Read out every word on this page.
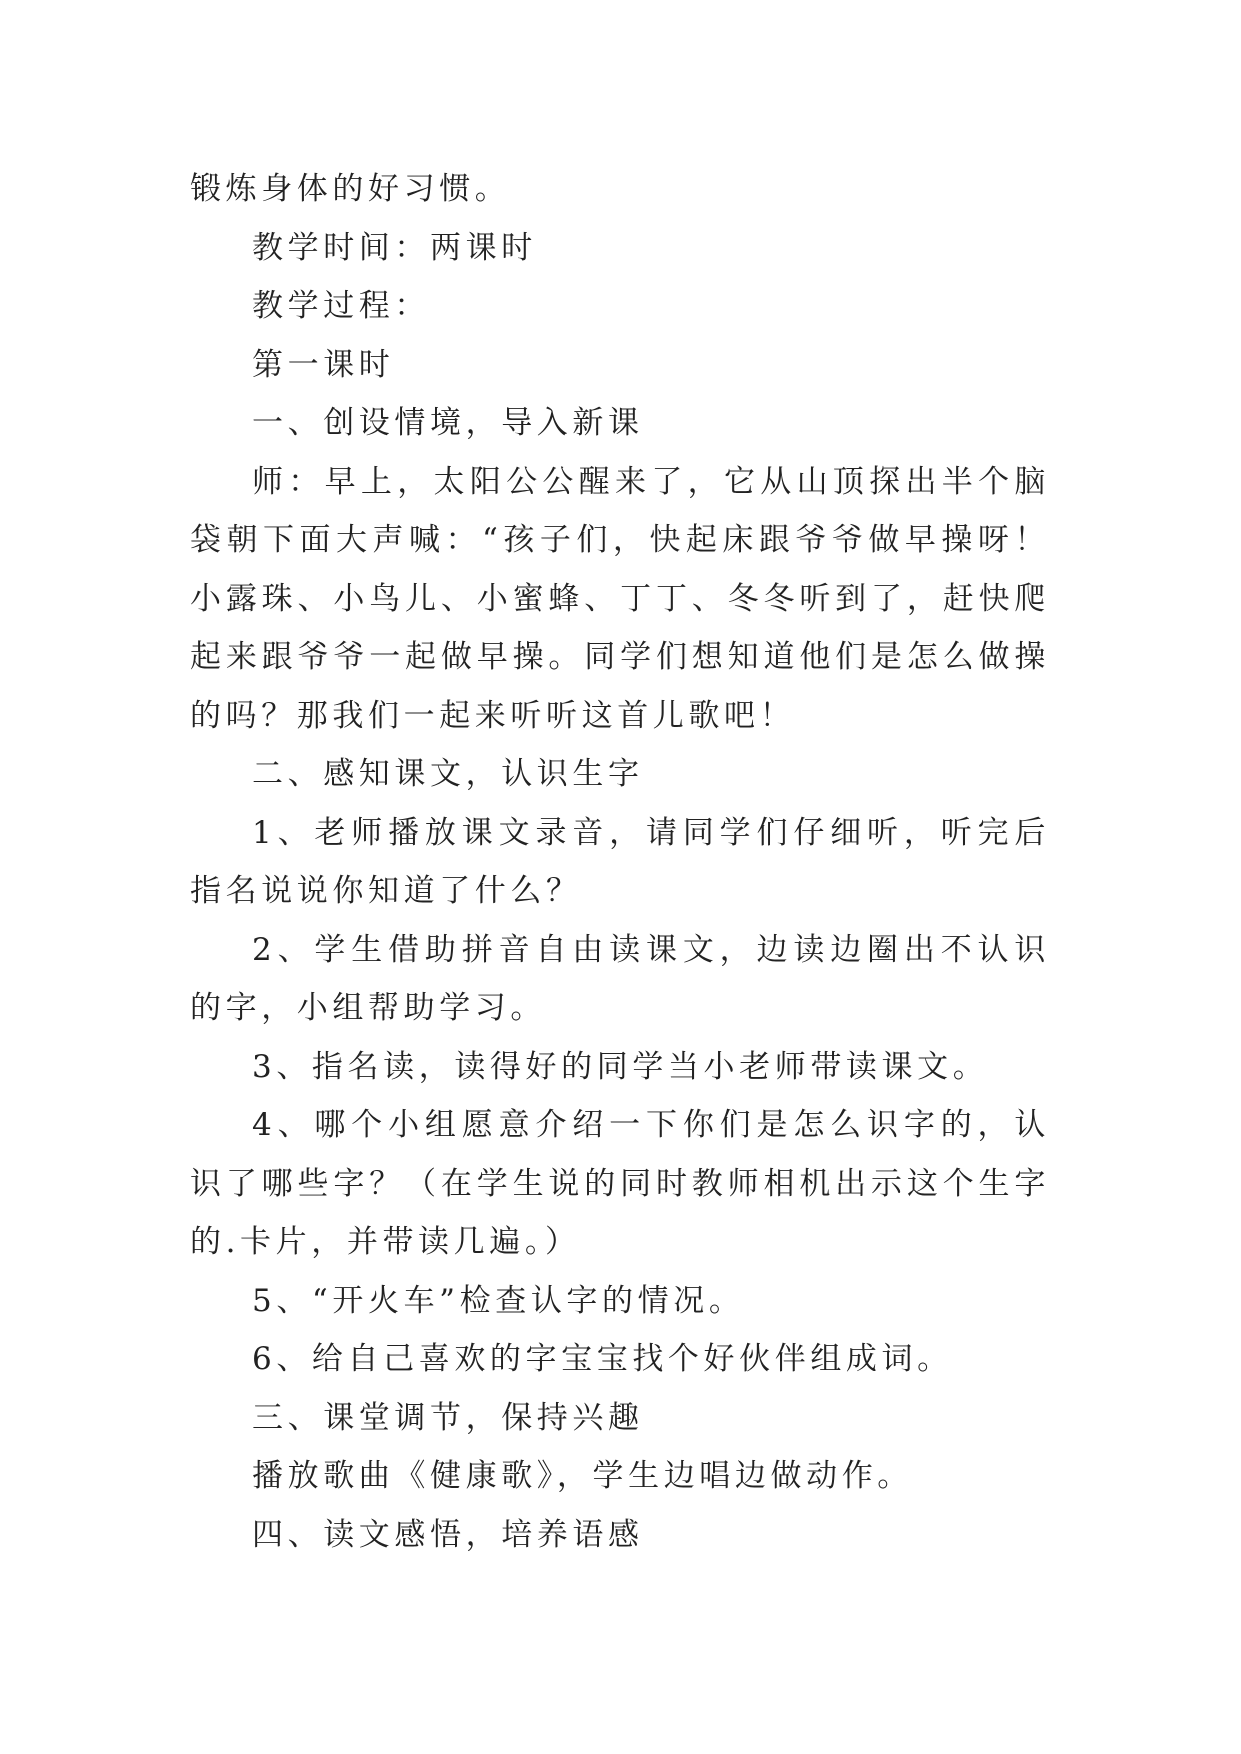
锻炼身体的好习惯。

教学时间：两课时

教学过程：

第一课时

一、创设情境，导入新课

师：早上，太阳公公醒来了，它从山顶探出半个脑袋朝下面大声喊：“孩子们，快起床跟爷爷做早操呀！小露珠、小鸟儿、小蜜蜂、丁丁、冬冬听到了，赶快爬起来跟爷爷一起做早操。同学们想知道他们是怎么做操的吗？那我们一起来听听这首儿歌吧！

二、感知课文，认识生字

1、老师播放课文录音，请同学们仔细听，听完后指名说说你知道了什么？

2、学生借助拼音自由读课文，边读边圈出不认识的字，小组帮助学习。

3、指名读，读得好的同学当小老师带读课文。

4、哪个小组愿意介绍一下你们是怎么识字的，认识了哪些字？（在学生说的同时教师相机出示这个生字的.卡片，并带读几遍。）

5、“开火车”检查认字的情况。

6、给自己喜欢的字宝宝找个好伙伴组成词。

三、课堂调节，保持兴趣

播放歌曲《健康歌》，学生边唱边做动作。

四、读文感悟，培养语感
